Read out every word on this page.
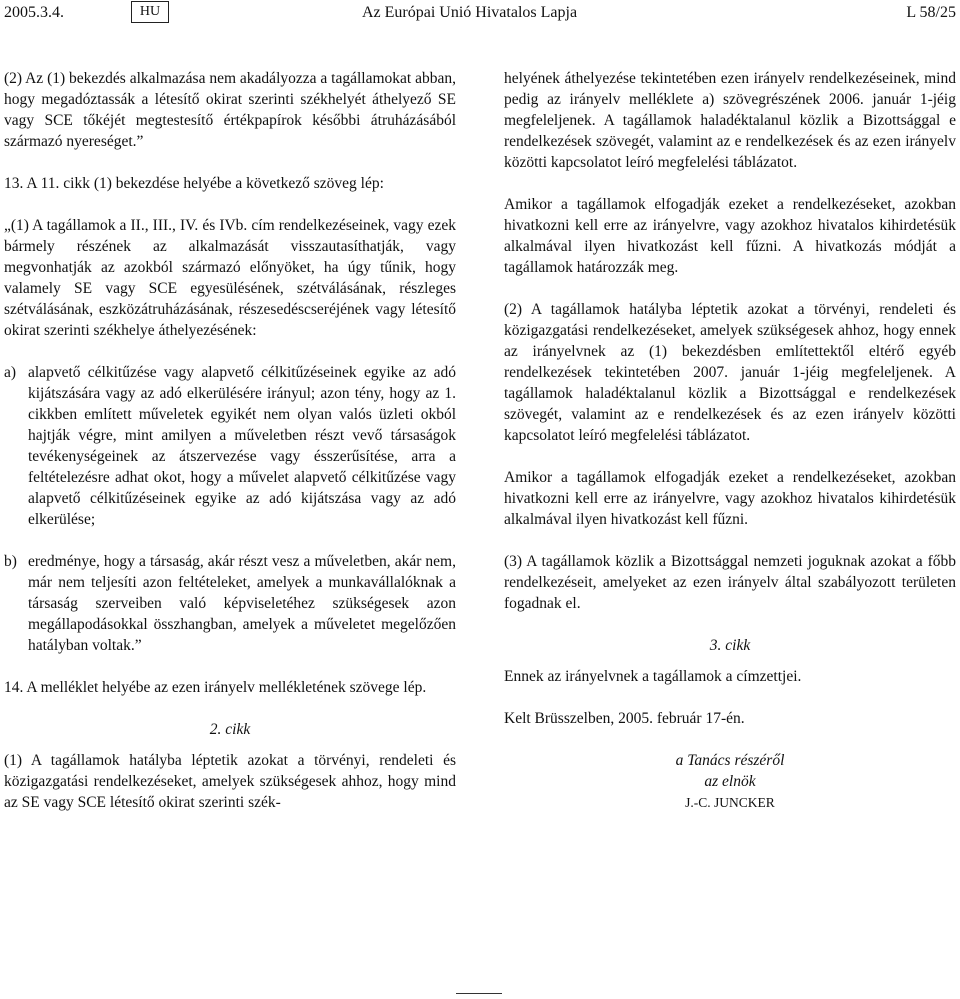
2005.3.4.	HU	Az Európai Unió Hivatalos Lapja	L 58/25

(2) Az (1) bekezdés alkalmazása nem akadályozza a tagállamokat abban, hogy megadóztassák a létesítő okirat szerinti székhelyét áthelyező SE vagy SCE tőkéjét megtestesítő értékpapírok későbbi átruházásából származó nyereséget.”

13. A 11. cikk (1) bekezdése helyébe a következő szöveg lép:

„(1) A tagállamok a II., III., IV. és IVb. cím rendelkezéseinek, vagy ezek bármely részének az alkalmazását visszautasíthatják, vagy megvonhatják az azokból származó előnyöket, ha úgy tűnik, hogy valamely SE vagy SCE egyesülésének, szétválásának, részleges szétválásának, eszközátruházásának, részesedéscseréjének vagy létesítő okirat szerinti székhelye áthelyezésének:

a) alapvető célkitűzése vagy alapvető célkitűzéseinek egyike az adó kijátszására vagy az adó elkerülésére irányul; azon tény, hogy az 1. cikkben említett műveletek egyikét nem olyan valós üzleti okból hajtják végre, mint amilyen a műveletben részt vevő társaságok tevékenységeinek az átszervezése vagy ésszerűsítése, arra a feltételezésre adhat okot, hogy a művelet alapvető célkitűzése vagy alapvető célkitűzéseinek egyike az adó kijátszása vagy az adó elkerülése;
b) eredménye, hogy a társaság, akár részt vesz a műveletben, akár nem, már nem teljesíti azon feltételeket, amelyek a munkavállalóknak a társaság szerveiben való képviseletéhez szükségesek azon megállapodásokkal összhangban, amelyek a műveletet megelőzően hatályban voltak.”

14. A melléklet helyébe az ezen irányelv mellékletének szövege lép.

2. cikk

(1) A tagállamok hatályba léptetik azokat a törvényi, rendeleti és közigazgatási rendelkezéseket, amelyek szükségesek ahhoz, hogy mind az SE vagy SCE létesítő okirat szerinti szék-

helyének áthelyezése tekintetében ezen irányelv rendelkezéseinek, mind pedig az irányelv melléklete a) szövegrészének 2006. január 1-jéig megfeleljenek. A tagállamok haladéktalanul közlik a Bizottsággal e rendelkezések szövegét, valamint az e rendelkezések és az ezen irányelv közötti kapcsolatot leíró megfelelési táblázatot.

Amikor a tagállamok elfogadják ezeket a rendelkezéseket, azokban hivatkozni kell erre az irányelvre, vagy azokhoz hivatalos kihirdetésük alkalmával ilyen hivatkozást kell fűzni. A hivatkozás módját a tagállamok határozzák meg.

(2) A tagállamok hatályba léptetik azokat a törvényi, rendeleti és közigazgatási rendelkezéseket, amelyek szükségesek ahhoz, hogy ennek az irányelvnek az (1) bekezdésben említettektől eltérő egyéb rendelkezések tekintetében 2007. január 1-jéig megfeleljenek. A tagállamok haladéktalanul közlik a Bizottsággal e rendelkezések szövegét, valamint az e rendelkezések és az ezen irányelv közötti kapcsolatot leíró megfelelési táblázatot.

Amikor a tagállamok elfogadják ezeket a rendelkezéseket, azokban hivatkozni kell erre az irányelvre, vagy azokhoz hivatalos kihirdetésük alkalmával ilyen hivatkozást kell fűzni.

(3) A tagállamok közlik a Bizottsággal nemzeti joguknak azokat a főbb rendelkezéseit, amelyeket az ezen irányelv által szabályozott területen fogadnak el.

3. cikk

Ennek az irányelvnek a tagállamok a címzettjei.

Kelt Brüsszelben, 2005. február 17-én.

a Tanács részéről

az elnök

J.-C. JUNCKER
